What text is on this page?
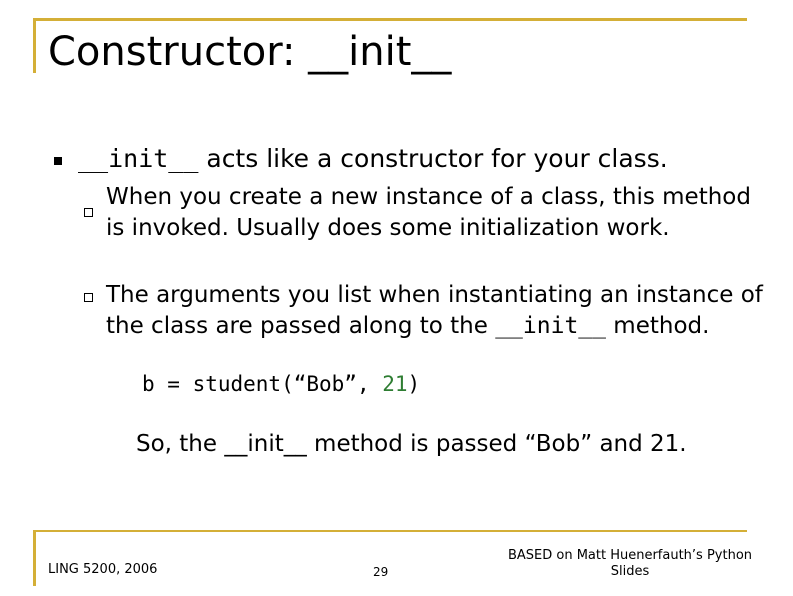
Constructor: __init__
__init__ acts like a constructor for your class.
When you create a new instance of a class, this method is invoked. Usually does some initialization work.
The arguments you list when instantiating an instance of the class are passed along to the __init__ method.
b = student(“Bob”, 21)
So, the __init__ method is passed “Bob” and 21.
LING 5200, 2006	29
BASED on Matt Huenerfauth’s Python Slides
